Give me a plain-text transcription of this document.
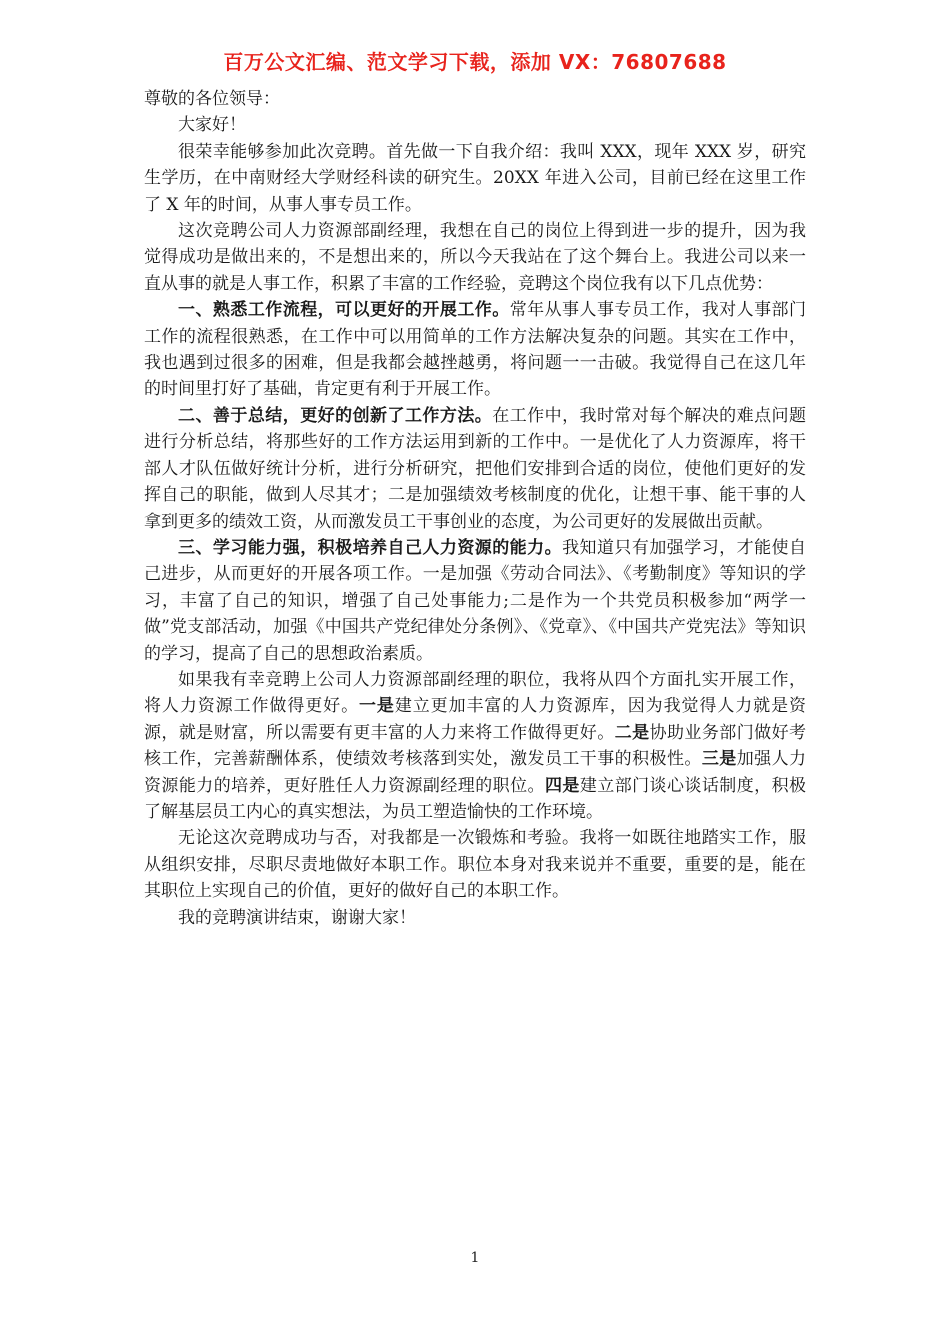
百万公文汇编、范文学习下载，添加 VX：76807688

尊敬的各位领导：

大家好！

很荣幸能够参加此次竞聘。首先做一下自我介绍：我叫 XXX，现年 XXX 岁，研究生学历，在中南财经大学财经科读的研究生。20XX 年进入公司，目前已经在这里工作了 X 年的时间，从事人事专员工作。

这次竞聘公司人力资源部副经理，我想在自己的岗位上得到进一步的提升，因为我觉得成功是做出来的，不是想出来的，所以今天我站在了这个舞台上。我进公司以来一直从事的就是人事工作，积累了丰富的工作经验，竞聘这个岗位我有以下几点优势：

一、熟悉工作流程，可以更好的开展工作。常年从事人事专员工作，我对人事部门工作的流程很熟悉，在工作中可以用简单的工作方法解决复杂的问题。其实在工作中，我也遇到过很多的困难，但是我都会越挫越勇，将问题一一击破。我觉得自己在这几年的时间里打好了基础，肯定更有利于开展工作。

二、善于总结，更好的创新了工作方法。在工作中，我时常对每个解决的难点问题进行分析总结，将那些好的工作方法运用到新的工作中。一是优化了人力资源库，将干部人才队伍做好统计分析，进行分析研究，把他们安排到合适的岗位，使他们更好的发挥自己的职能，做到人尽其才；二是加强绩效考核制度的优化，让想干事、能干事的人拿到更多的绩效工资，从而激发员工干事创业的态度，为公司更好的发展做出贡献。

三、学习能力强，积极培养自己人力资源的能力。我知道只有加强学习，才能使自己进步，从而更好的开展各项工作。一是加强《劳动合同法》、《考勤制度》等知识的学习，丰富了自己的知识，增强了自己处事能力;二是作为一个共党员积极参加“两学一做”党支部活动，加强《中国共产党纪律处分条例》、《党章》、《中国共产党宪法》等知识的学习，提高了自己的思想政治素质。

如果我有幸竞聘上公司人力资源部副经理的职位，我将从四个方面扎实开展工作，将人力资源工作做得更好。一是建立更加丰富的人力资源库，因为我觉得人力就是资源，就是财富，所以需要有更丰富的人力来将工作做得更好。二是协助业务部门做好考核工作，完善薪酬体系，使绩效考核落到实处，激发员工干事的积极性。三是加强人力资源能力的培养，更好胜任人力资源副经理的职位。四是建立部门谈心谈话制度，积极了解基层员工内心的真实想法，为员工塑造愉快的工作环境。

无论这次竞聘成功与否，对我都是一次锻炼和考验。我将一如既往地踏实工作，服从组织安排，尽职尽责地做好本职工作。职位本身对我来说并不重要，重要的是，能在其职位上实现自己的价值，更好的做好自己的本职工作。

我的竞聘演讲结束，谢谢大家！

1
